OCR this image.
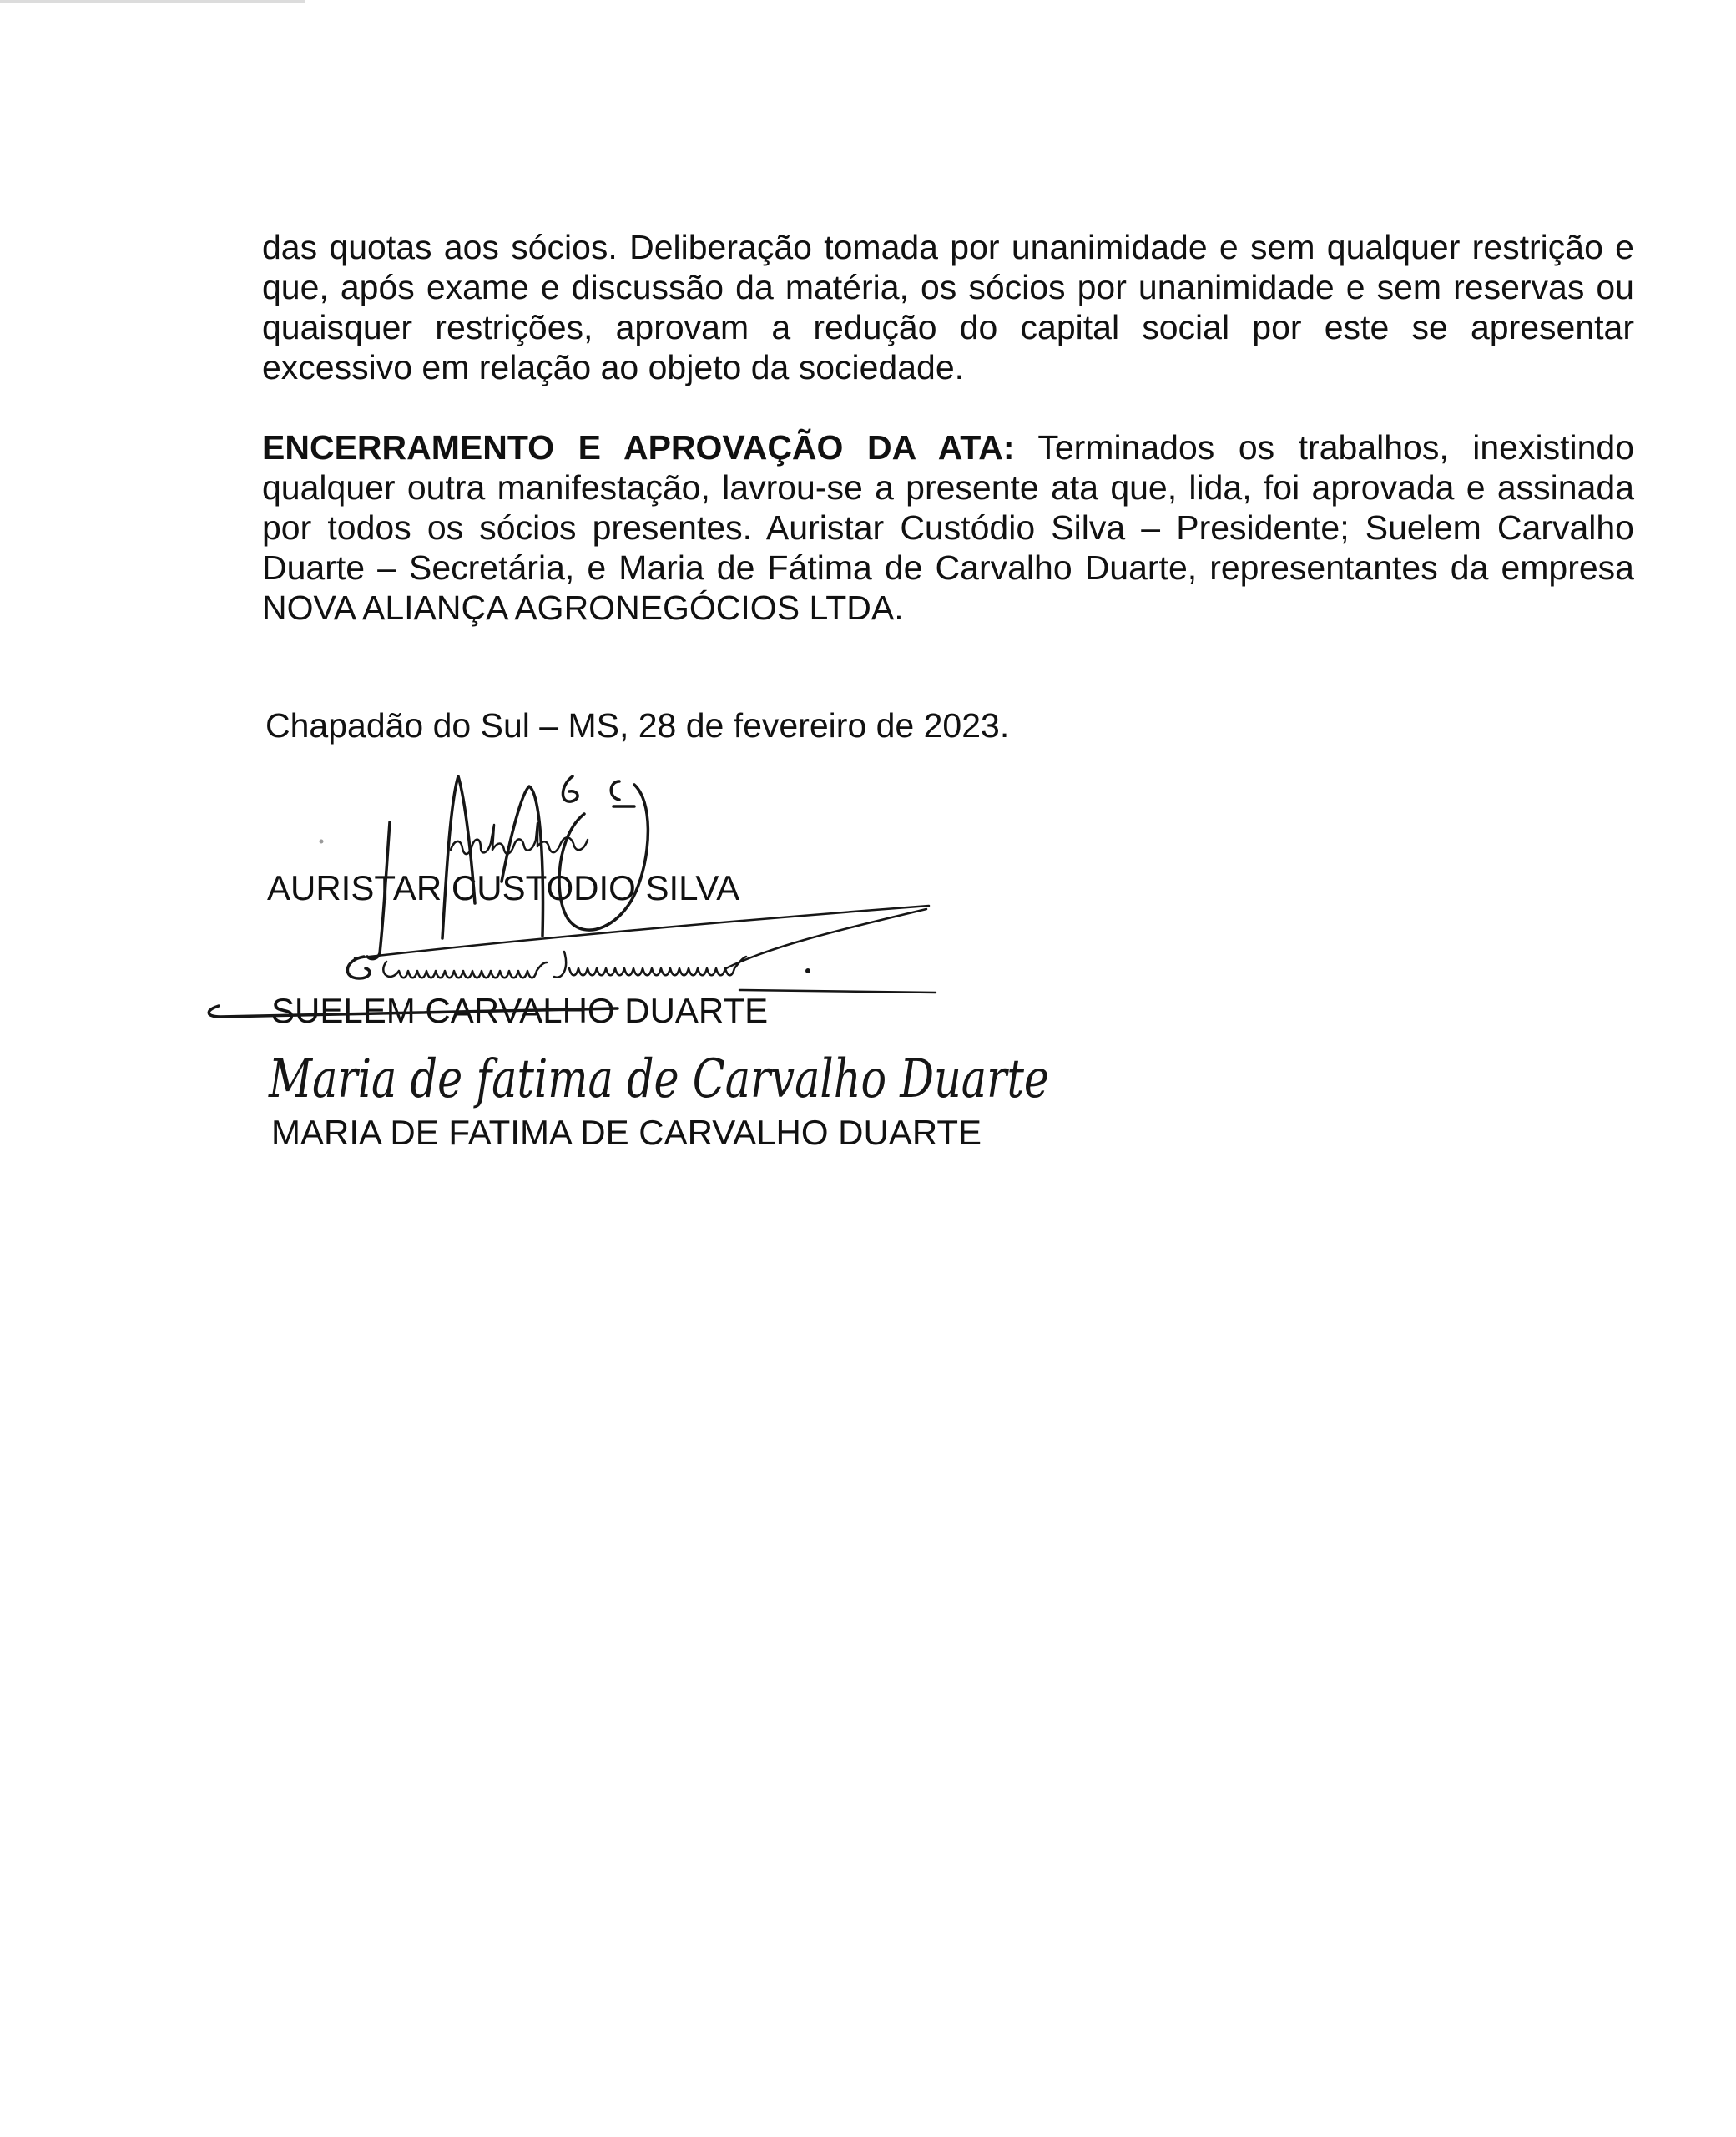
das quotas aos sócios. Deliberação tomada por unanimidade e sem qualquer restrição e
que, após exame e discussão da matéria, os sócios por unanimidade e sem reservas ou
quaisquer restrições, aprovam a redução do capital social por este se apresentar
excessivo em relação ao objeto da sociedade.
ENCERRAMENTO E APROVAÇÃO DA ATA: Terminados os trabalhos, inexistindo
qualquer outra manifestação, lavrou-se a presente ata que, lida, foi aprovada e assinada
por todos os sócios presentes. Auristar Custódio Silva – Presidente; Suelem Carvalho
Duarte – Secretária, e Maria de Fátima de Carvalho Duarte, representantes da empresa
NOVA ALIANÇA AGRONEGÓCIOS LTDA.
Chapadão do Sul – MS, 28 de fevereiro de 2023.
AURISTAR CUSTODIO SILVA
SUELEM CARVALHO DUARTE
MARIA DE FATIMA DE CARVALHO DUARTE
Maria de fatima de Carvalho Duarte
